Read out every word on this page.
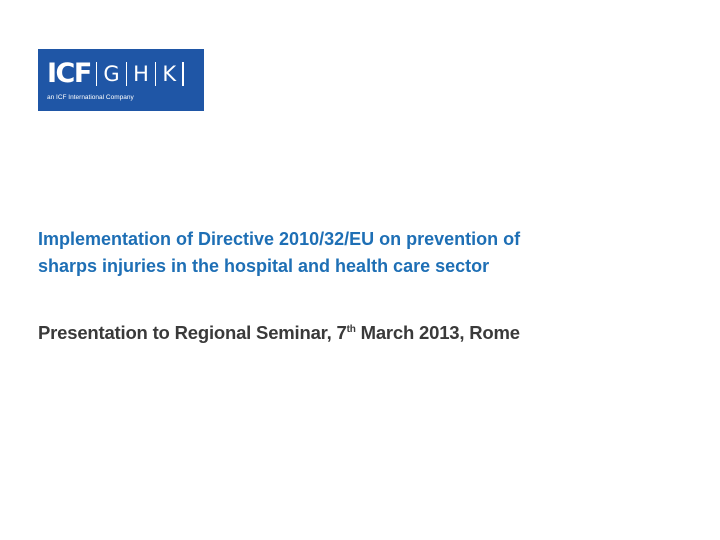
ICF G H K
an ICF International Company
Implementation of Directive 2010/32/EU on prevention of
sharps injuries in the hospital and health care sector

Presentation to Regional Seminar, 7th March 2013, Rome
